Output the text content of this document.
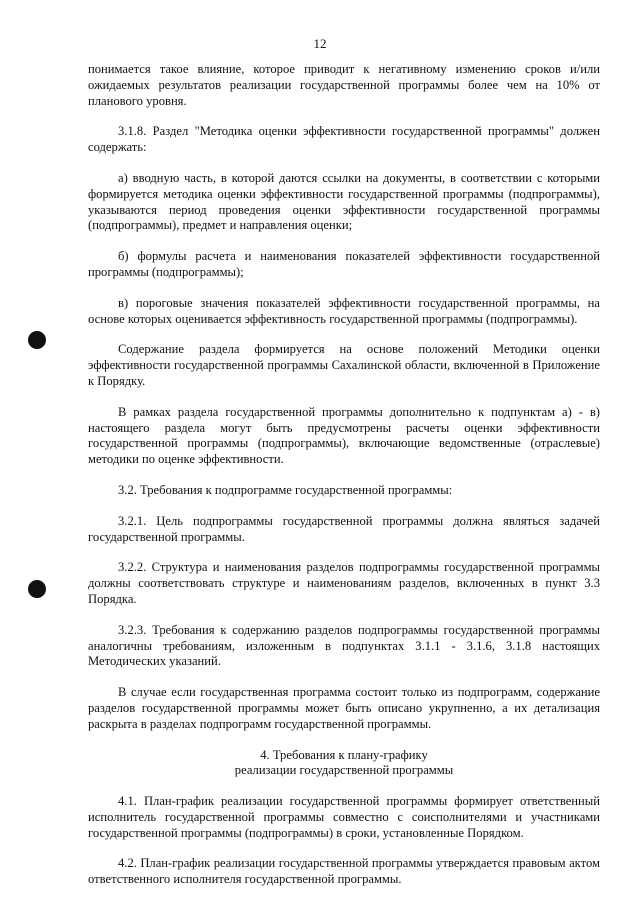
12

понимается такое влияние, которое приводит к негативному изменению сроков и/или ожидаемых результатов реализации государственной программы более чем на 10% от планового уровня.

3.1.8. Раздел "Методика оценки эффективности государственной программы" должен содержать:

а) вводную часть, в которой даются ссылки на документы, в соответствии с которыми формируется методика оценки эффективности государственной программы (подпрограммы), указываются период проведения оценки эффективности государственной программы (подпрограммы), предмет и направления оценки;

б) формулы расчета и наименования показателей эффективности государственной программы (подпрограммы);

в) пороговые значения показателей эффективности государственной программы, на основе которых оценивается эффективность государственной программы (подпрограммы).

Содержание раздела формируется на основе положений Методики оценки эффективности государственной программы Сахалинской области, включенной в Приложение к Порядку.

В рамках раздела государственной программы дополнительно к подпунктам а) - в) настоящего раздела могут быть предусмотрены расчеты оценки эффективности государственной программы (подпрограммы), включающие ведомственные (отраслевые) методики по оценке эффективности.

3.2. Требования к подпрограмме государственной программы:

3.2.1. Цель подпрограммы государственной программы должна являться задачей государственной программы.

3.2.2. Структура и наименования разделов подпрограммы государственной программы должны соответствовать структуре и наименованиям разделов, включенных в пункт 3.3 Порядка.

3.2.3. Требования к содержанию разделов подпрограммы государственной программы аналогичны требованиям, изложенным в подпунктах 3.1.1 - 3.1.6, 3.1.8 настоящих Методических указаний.

В случае если государственная программа состоит только из подпрограмм, содержание разделов государственной программы может быть описано укрупненно, а их детализация раскрыта в разделах подпрограмм государственной программы.

4. Требования к плану-графику
реализации государственной программы

4.1. План-график реализации государственной программы формирует ответственный исполнитель государственной программы совместно с соисполнителями и участниками государственной программы (подпрограммы) в сроки, установленные Порядком.

4.2. План-график реализации государственной программы утверждается правовым актом ответственного исполнителя государственной программы.
